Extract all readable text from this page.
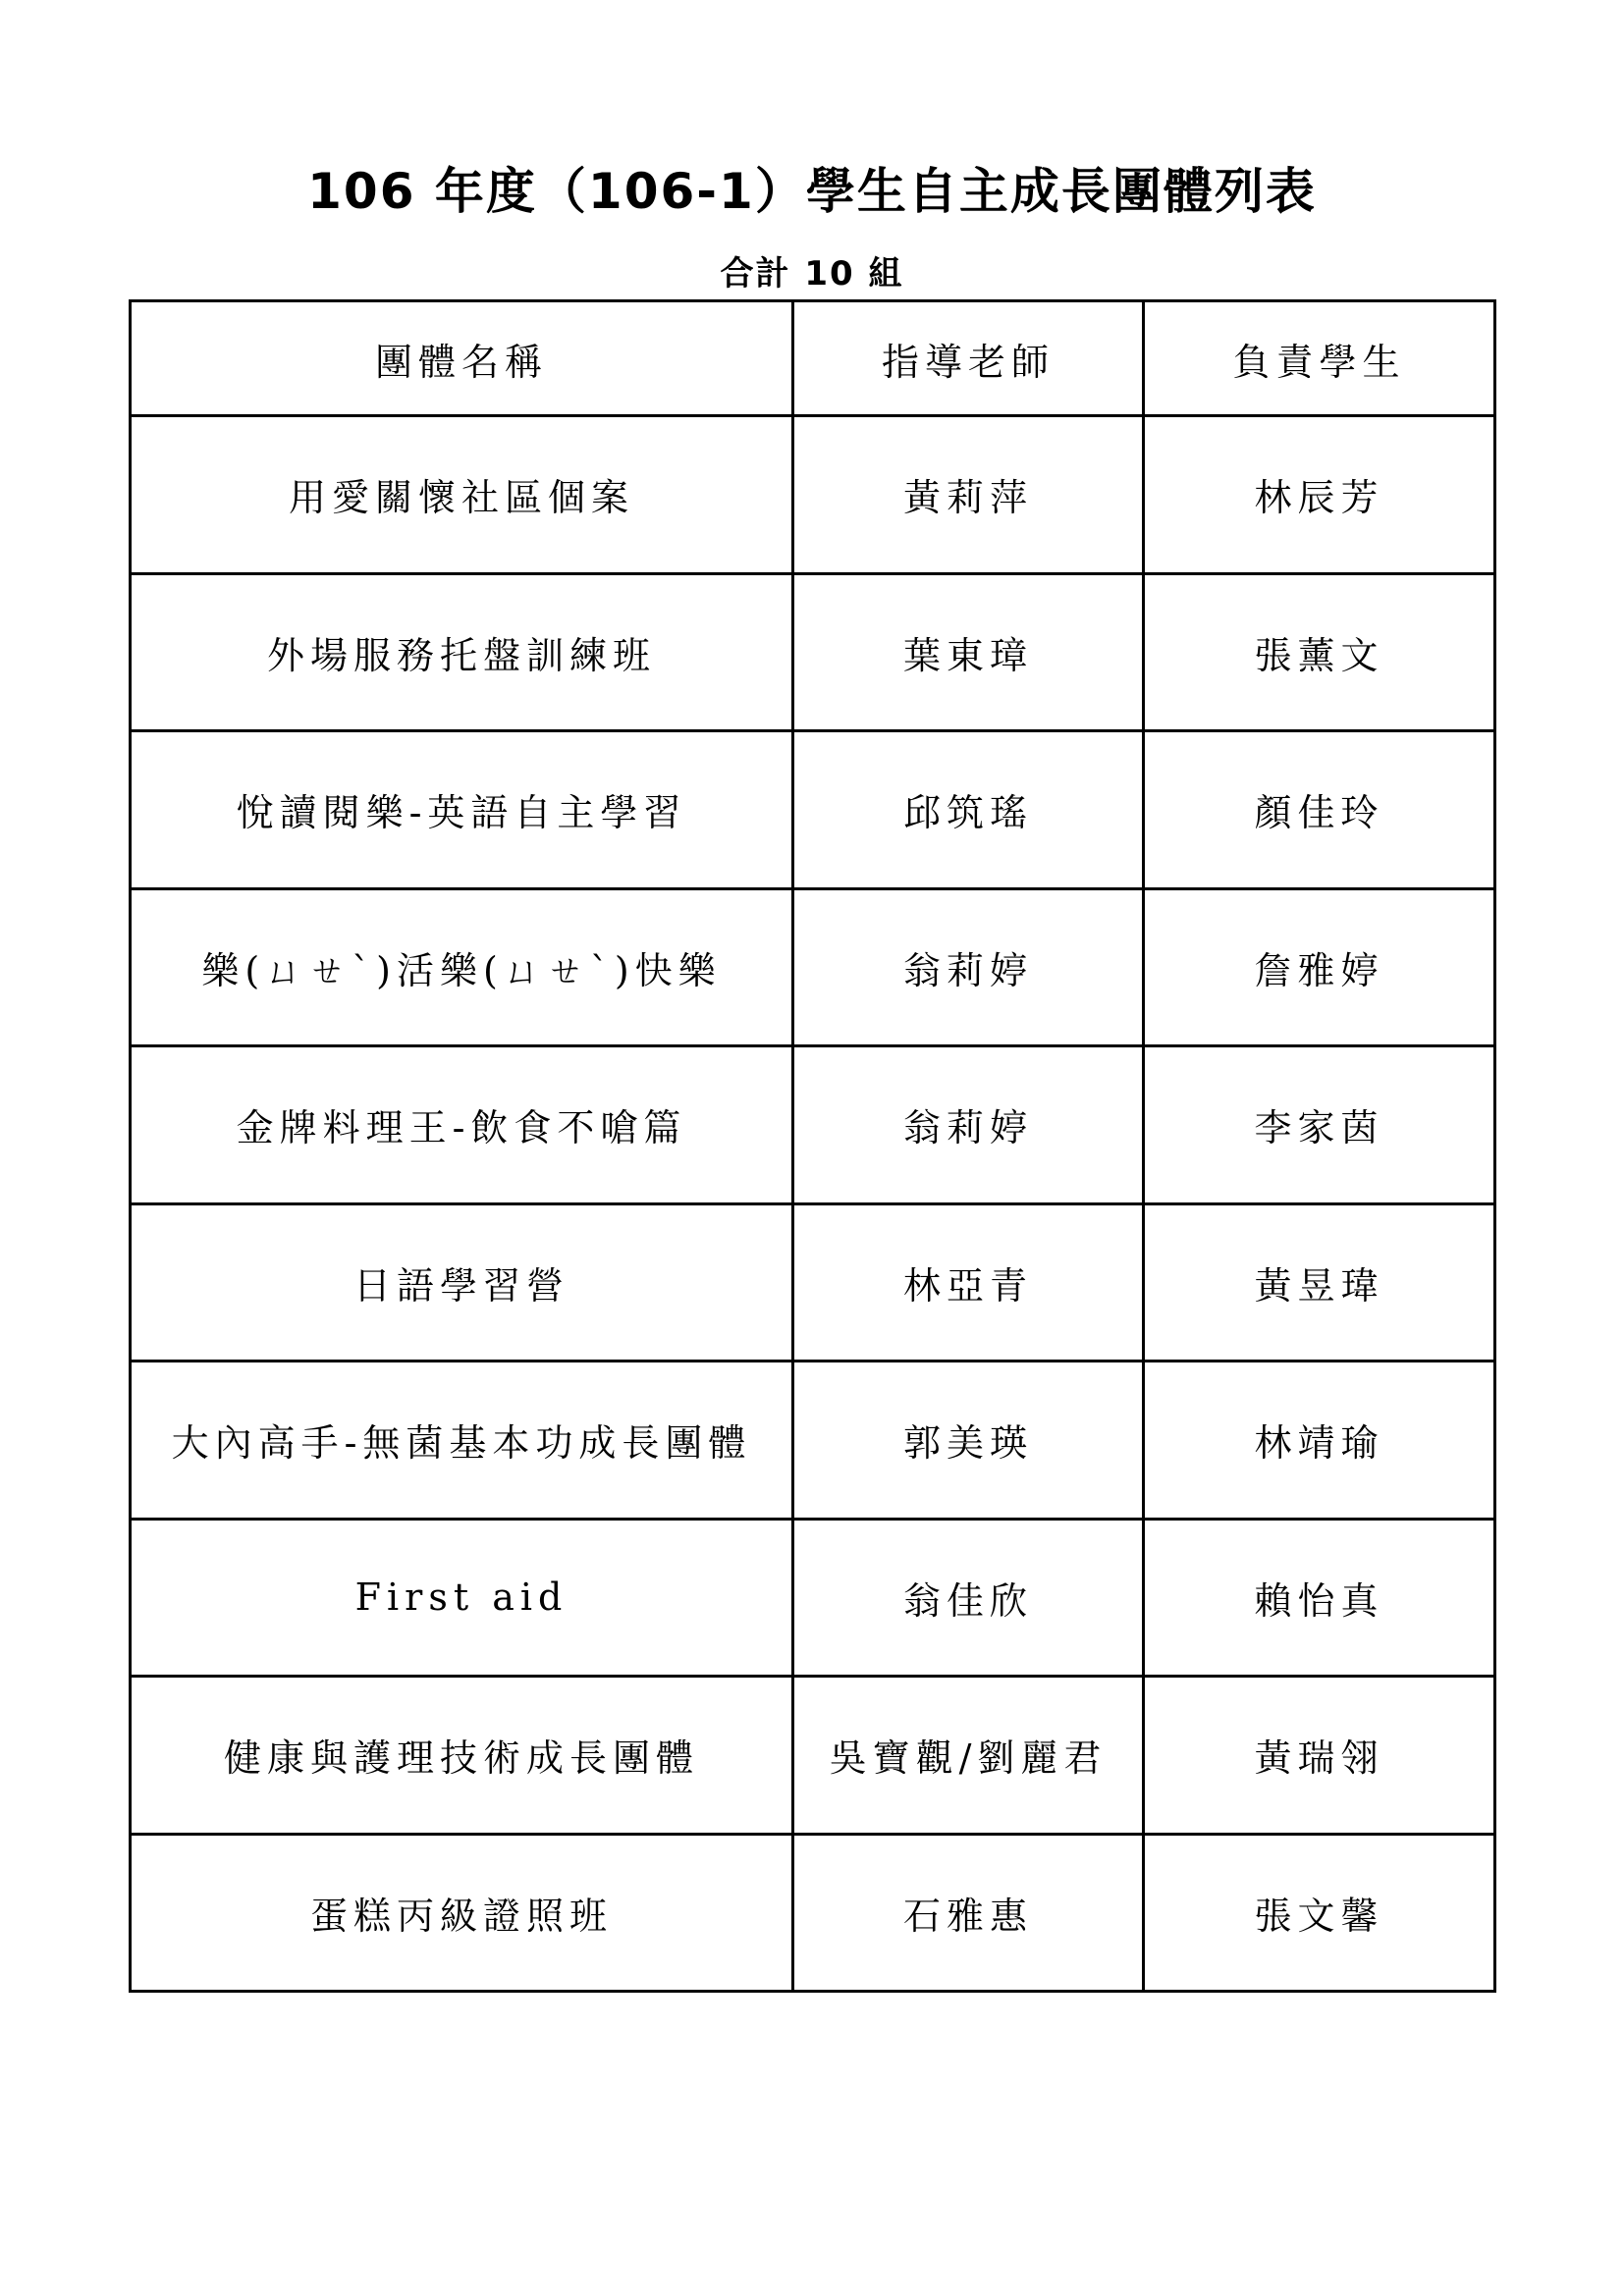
106 年度（106-1）學生自主成長團體列表
合計 10 組
團體名稱	指導老師	負責學生
用愛關懷社區個案	黃莉萍	林辰芳
外場服務托盤訓練班	葉東璋	張薰文
悅讀閱樂-英語自主學習	邱筑瑤	顏佳玲
樂(ㄩㄝˋ)活樂(ㄩㄝˋ)快樂	翁莉婷	詹雅婷
金牌料理王-飲食不嗆篇	翁莉婷	李家茵
日語學習營	林亞青	黃昱瑋
大內高手-無菌基本功成長團體	郭美瑛	林靖瑜
First aid	翁佳欣	賴怡真
健康與護理技術成長團體	吳寶觀/劉麗君	黃瑞翎
蛋糕丙級證照班	石雅惠	張文馨
